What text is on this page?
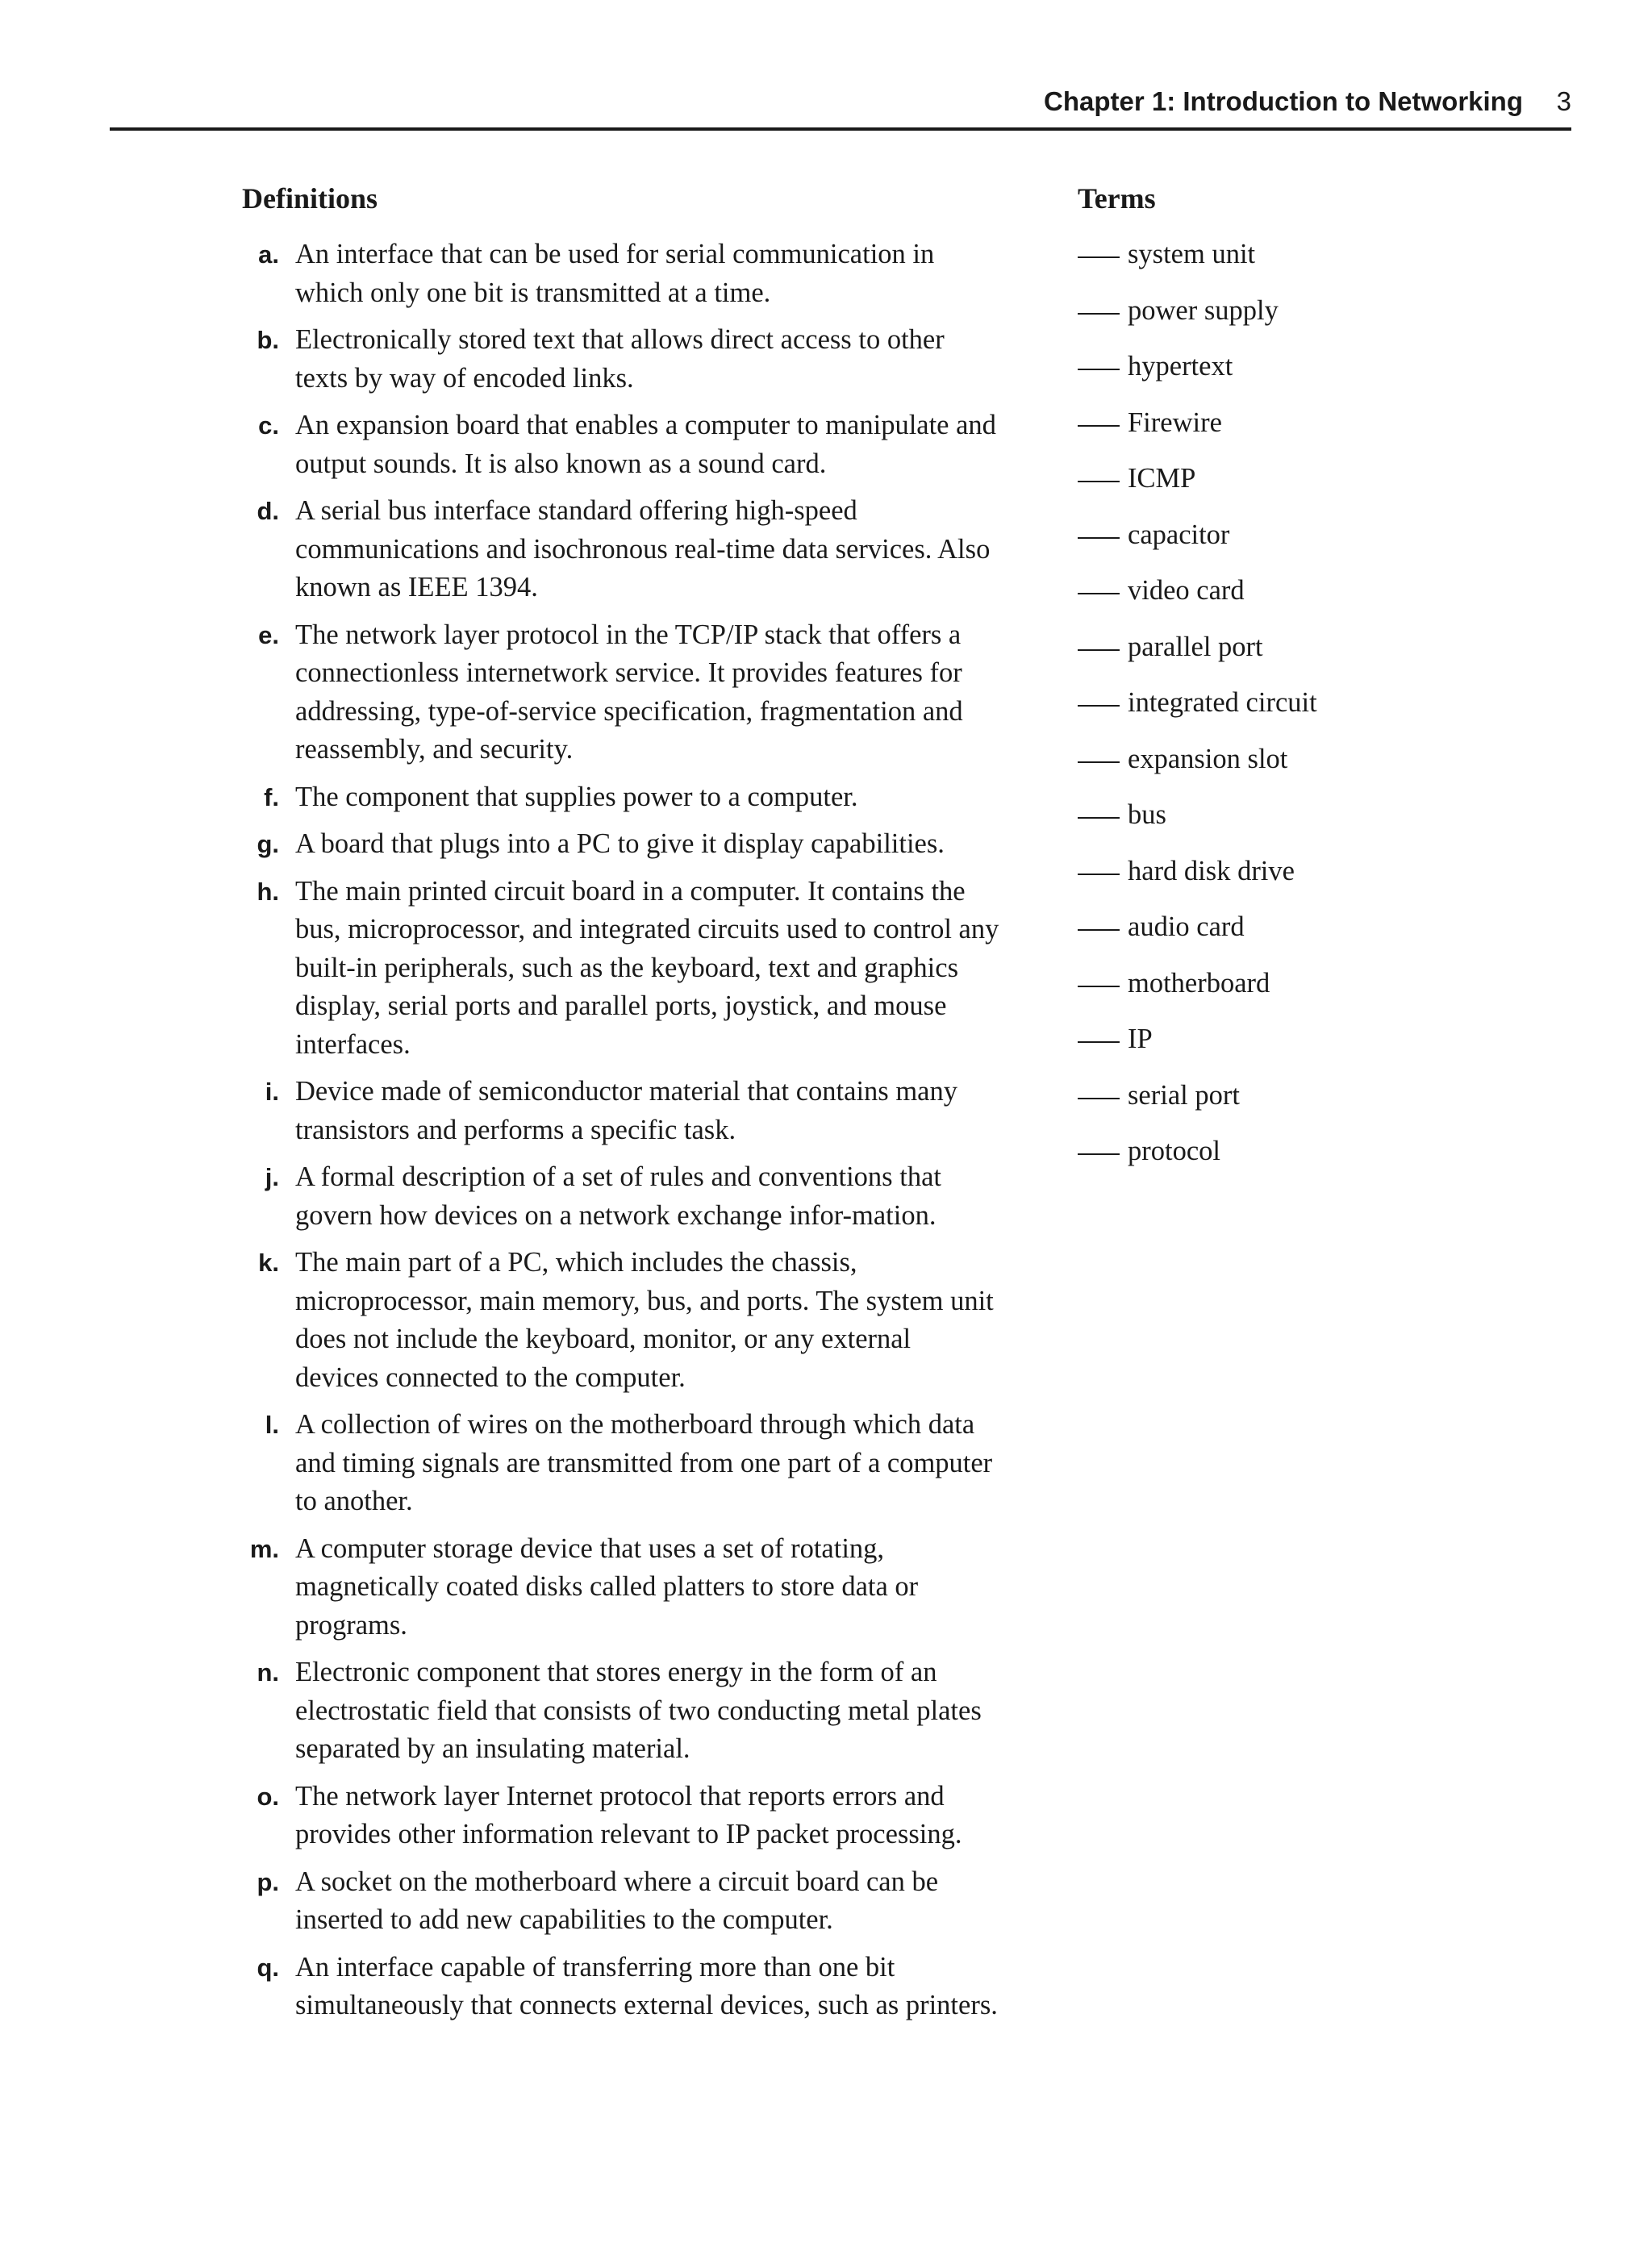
Chapter 1: Introduction to Networking 3
Definitions
a. An interface that can be used for serial communication in which only one bit is transmitted at a time.
b. Electronically stored text that allows direct access to other texts by way of encoded links.
c. An expansion board that enables a computer to manipulate and output sounds. It is also known as a sound card.
d. A serial bus interface standard offering high-speed communications and isochronous real-time data services. Also known as IEEE 1394.
e. The network layer protocol in the TCP/IP stack that offers a connectionless internetwork service. It provides features for addressing, type-of-service specification, fragmentation and reassembly, and security.
f. The component that supplies power to a computer.
g. A board that plugs into a PC to give it display capabilities.
h. The main printed circuit board in a computer. It contains the bus, microprocessor, and integrated circuits used to control any built-in peripherals, such as the keyboard, text and graphics display, serial ports and parallel ports, joystick, and mouse interfaces.
i. Device made of semiconductor material that contains many transistors and performs a specific task.
j. A formal description of a set of rules and conventions that govern how devices on a network exchange infor-mation.
k. The main part of a PC, which includes the chassis, microprocessor, main memory, bus, and ports. The system unit does not include the keyboard, monitor, or any external devices connected to the computer.
l. A collection of wires on the motherboard through which data and timing signals are transmitted from one part of a computer to another.
m. A computer storage device that uses a set of rotating, magnetically coated disks called platters to store data or programs.
n. Electronic component that stores energy in the form of an electrostatic field that consists of two conducting metal plates separated by an insulating material.
o. The network layer Internet protocol that reports errors and provides other information relevant to IP packet processing.
p. A socket on the motherboard where a circuit board can be inserted to add new capabilities to the computer.
q. An interface capable of transferring more than one bit simultaneously that connects external devices, such as printers.
Terms
system unit
power supply
hypertext
Firewire
ICMP
capacitor
video card
parallel port
integrated circuit
expansion slot
bus
hard disk drive
audio card
motherboard
IP
serial port
protocol
